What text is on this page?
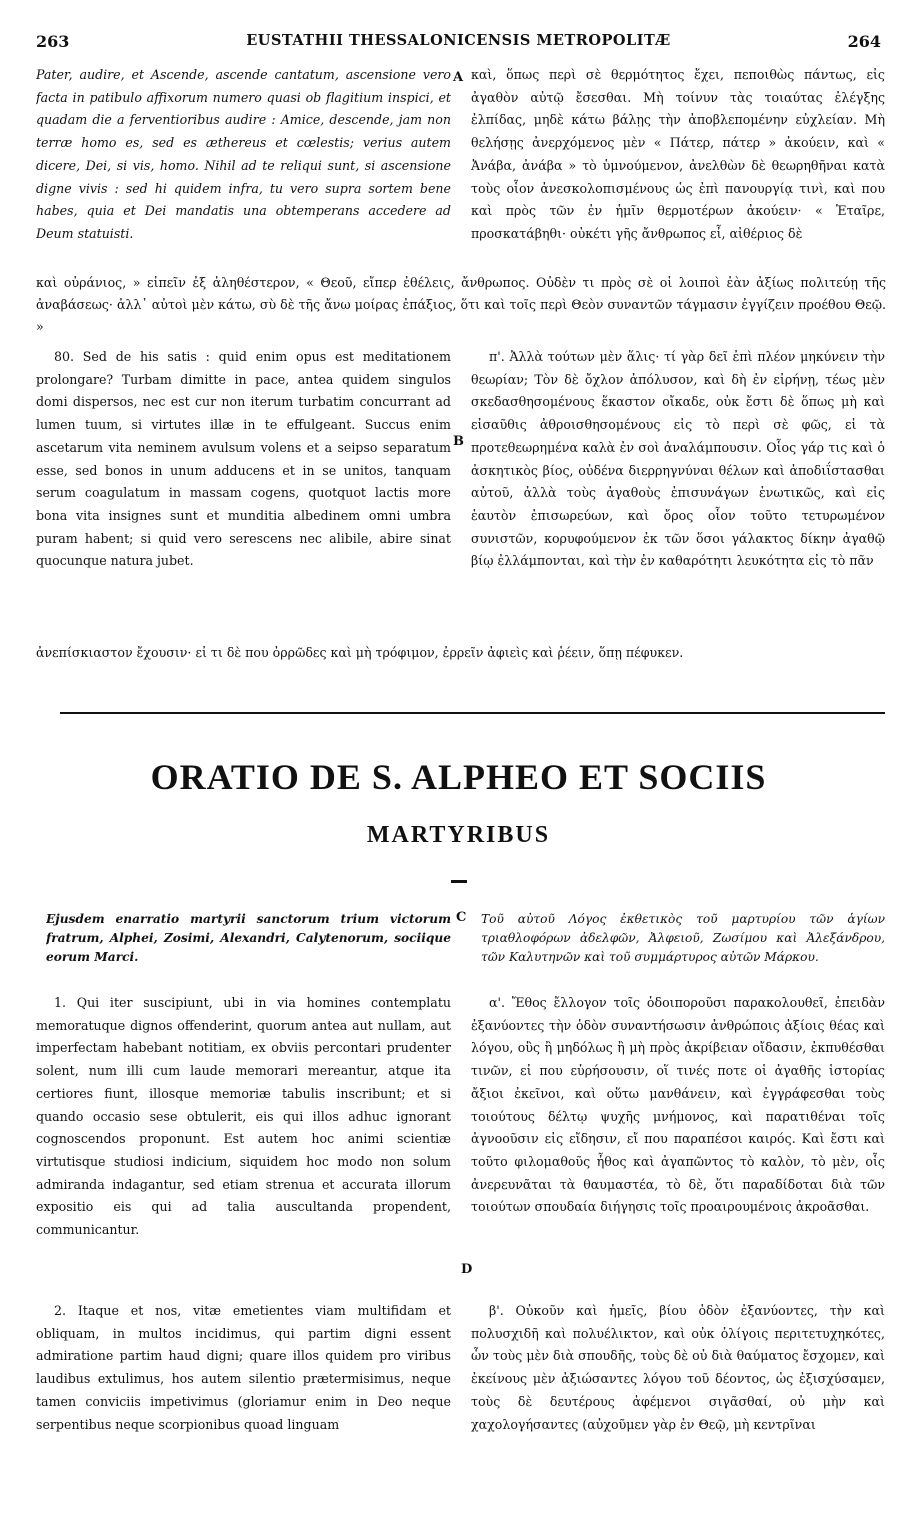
263	EUSTATHII THESSALONICENSIS METROPOLITÆ	264
A
B
C
D

Pater, audire, et Ascende, ascende cantatum, ascensione vero facta in patibulo affixorum numero quasi ob flagitium inspici, et quadam die a ferventioribus audire : Amice, descende, jam non terræ homo es, sed es æthereus et cœlestis; verius autem dicere, Dei, si vis, homo. Nihil ad te reliqui sunt, si ascensione digne vivis : sed hi quidem infra, tu vero supra sortem bene habes, quia et Dei mandatis una obtemperans accedere ad Deum statuisti.

καὶ, ὅπως περὶ σὲ θερμότητος ἔχει, πεποιθὼς πάντως, εἰς ἀγαθὸν αὐτῷ ἔσεσθαι. Μὴ τοίνυν τὰς τοιαύτας ἐλέγξης ἐλπίδας, μηδὲ κάτω βάλῃς τὴν ἀποβλεπομένην εὐχλείαν. Μὴ θελήσῃς ἀνερχόμενος μὲν « Πάτερ, πάτερ » ἀκούειν, καὶ « Ἀνάβα, ἀνάβα » τὸ ὑμνούμενον, ἀνελθὼν δὲ θεωρηθῆναι κατὰ τοὺς οἷον ἀνεσκολοπισμένους ὡς ἐπὶ πανουργίᾳ τινὶ, καὶ που καὶ πρὸς τῶν ἐν ἡμῖν θερμοτέρων ἀκούειν· « Ἑταῖρε, προσκατάβηθι· οὐκέτι γῆς ἄνθρωπος εἶ, αἰθέριος δὲ

καὶ οὐράνιος, » εἰπεῖν ἐξ ἀληθέστερον, « Θεοῦ, εἴπερ ἐθέλεις, ἄνθρωπος. Οὐδὲν τι πρὸς σὲ οἱ λοιποὶ ἐὰν ἀξίως πολιτεύῃ τῆς ἀναβάσεως· ἀλλ᾽ αὐτοὶ μὲν κάτω, σὺ δὲ τῆς ἄνω μοίρας ἐπάξιος, ὅτι καὶ τοῖς περὶ Θεὸν συναντῶν τάγμασιν ἐγγίζειν προέθου Θεῷ. »

80. Sed de his satis : quid enim opus est meditationem prolongare? Turbam dimitte in pace, antea quidem singulos domi dispersos, nec est cur non iterum turbatim concurrant ad lumen tuum, si virtutes illæ in te effulgeant. Succus enim ascetarum vita neminem avulsum volens et a seipso separatum esse, sed bonos in unum adducens et in se unitos, tanquam serum coagulatum in massam cogens, quotquot lactis more bona vita insignes sunt et munditia albedinem omni umbra puram habent; si quid vero serescens nec alibile, abire sinat quocunque natura jubet.

π'. Ἀλλὰ τούτων μὲν ἅλις· τί γὰρ δεῖ ἐπὶ πλέον μηκύνειν τὴν θεωρίαν; Τὸν δὲ ὄχλον ἀπόλυσον, καὶ δὴ ἐν εἰρήνῃ, τέως μὲν σκεδασθησομένους ἕκαστον οἴκαδε, οὐκ ἔστι δὲ ὅπως μὴ καὶ εἰσαῦθις ἀθροισθησομένους εἰς τὸ περὶ σὲ φῶς, εἰ τὰ προτεθεωρημένα καλὰ ἐν σοὶ ἀναλάμπουσιν. Οἷος γάρ τις καὶ ὁ ἀσκητικὸς βίος, οὐδένα διερρηγνύναι θέλων καὶ ἀποδιΐστασθαι αὐτοῦ, ἀλλὰ τοὺς ἀγαθοὺς ἐπισυνάγων ἑνωτικῶς, καὶ εἰς ἑαυτὸν ἐπισωρεύων, καὶ ὄρος οἷον τοῦτο τετυρωμένον συνιστῶν, κορυφούμενον ἐκ τῶν ὅσοι γάλακτος δίκην ἀγαθῷ βίῳ ἐλλάμπονται, καὶ τὴν ἐν καθαρότητι λευκότητα εἰς τὸ πᾶν

ἀνεπίσκιαστον ἔχουσιν· εἰ τι δὲ που ὀρρῶδες καὶ μὴ τρόφιμον, ἐρρεῖν ἀφιεὶς καὶ ῥέειν, ὅπῃ πέφυκεν.

ORATIO DE S. ALPHEO ET SOCIIS
MARTYRIBUS

Ejusdem enarratio martyrii sanctorum trium victorum fratrum, Alphei, Zosimi, Alexandri, Calytenorum, sociique eorum Marci.

Τοῦ αὐτοῦ Λόγος ἐκθετικὸς τοῦ μαρτυρίου τῶν ἁγίων τριαθλοφόρων ἀδελφῶν, Ἀλφειοῦ, Ζωσίμου καὶ Ἀλεξάνδρου, τῶν Καλυτηνῶν καὶ τοῦ συμμάρτυρος αὐτῶν Μάρκου.

1. Qui iter suscipiunt, ubi in via homines contemplatu memoratuque dignos offenderint, quorum antea aut nullam, aut imperfectam habebant notitiam, ex obviis percontari prudenter solent, num illi cum laude memorari mereantur, atque ita certiores fiunt, illosque memoriæ tabulis inscribunt; et si quando occasio sese obtulerit, eis qui illos adhuc ignorant cognoscendos proponunt. Est autem hoc animi scientiæ virtutisque studiosi indicium, siquidem hoc modo non solum admiranda indagantur, sed etiam strenua et accurata illorum expositio eis qui ad talia auscultanda propendent, communicantur.

2. Itaque et nos, vitæ emetientes viam multifidam et obliquam, in multos incidimus, qui partim digni essent admiratione partim haud digni; quare illos quidem pro viribus laudibus extulimus, hos autem silentio prætermisimus, neque tamen conviciis impetivimus (gloriamur enim in Deo neque serpentibus neque scorpionibus quoad linguam

α'. Ἔθος ἔλλογον τοῖς ὁδοιποροῦσι παρακολουθεῖ, ἐπειδὰν ἐξανύοντες τὴν ὁδὸν συναντήσωσιν ἀνθρώποις ἀξίοις θέας καὶ λόγου, οὓς ἢ μηδόλως ἢ μὴ πρὸς ἀκρίβειαν οἴδασιν, ἐκπυθέσθαι τινῶν, εἰ που εὑρήσουσιν, οἵ τινές ποτε οἱ ἀγαθῆς ἱστορίας ἄξιοι ἐκεῖνοι, καὶ οὕτω μανθάνειν, καὶ ἐγγράφεσθαι τοὺς τοιούτους δέλτῳ ψυχῆς μνήμονος, καὶ παρατιθέναι τοῖς ἀγνοοῦσιν εἰς εἴδησιν, εἴ που παραπέσοι καιρός. Καὶ ἔστι καὶ τοῦτο φιλομαθοῦς ἦθος καὶ ἀγαπῶντος τὸ καλὸν, τὸ μὲν, οἷς ἀνερευνᾶται τὰ θαυμαστέα, τὸ δὲ, ὅτι παραδίδοται διὰ τῶν τοιούτων σπουδαία διήγησις τοῖς προαιρουμένοις ἀκροᾶσθαι.

β'. Οὐκοῦν καὶ ἡμεῖς, βίου ὁδὸν ἐξανύοντες, τὴν καὶ πολυσχιδῆ καὶ πολυέλικτον, καὶ οὐκ ὀλίγοις περιτετυχηκότες, ὧν τοὺς μὲν διὰ σπουδῆς, τοὺς δὲ οὐ διὰ θαύματος ἔσχομεν, καὶ ἐκείνους μὲν ἀξιώσαντες λόγου τοῦ δέοντος, ὡς ἐξισχύσαμεν, τοὺς δὲ δευτέρους ἀφέμενοι σιγᾶσθαί, οὐ μὴν καὶ χαχολογήσαντες (αὐχοῦμεν γὰρ ἐν Θεῷ, μὴ κεντρῖναι
